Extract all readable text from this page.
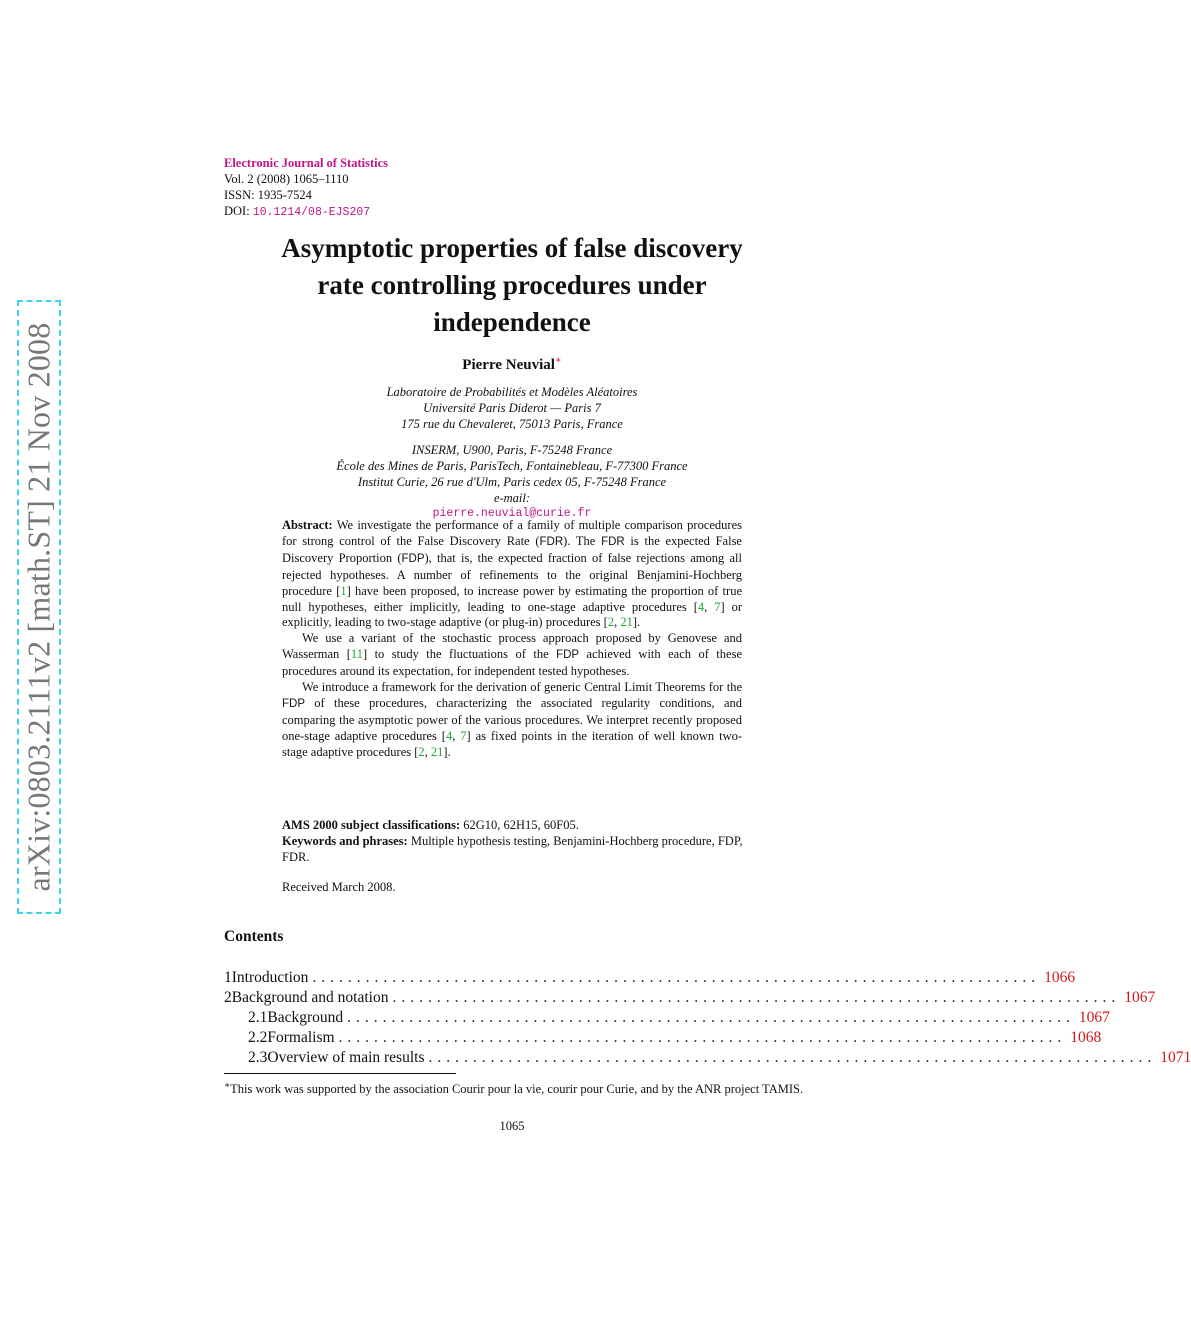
arXiv:0803.2111v2 [math.ST] 21 Nov 2008
Electronic Journal of Statistics
Vol. 2 (2008) 1065–1110
ISSN: 1935-7524
DOI: 10.1214/08-EJS207
Asymptotic properties of false discovery
rate controlling procedures under
independence
Pierre Neuvial∗
Laboratoire de Probabilités et Modèles Aléatoires
Université Paris Diderot — Paris 7
175 rue du Chevaleret, 75013 Paris, France
INSERM, U900, Paris, F-75248 France
École des Mines de Paris, ParisTech, Fontainebleau, F-77300 France
Institut Curie, 26 rue d'Ulm, Paris cedex 05, F-75248 France
e-mail:
pierre.neuvial@curie.fr

Abstract: We investigate the performance of a family of multiple comparison procedures for strong control of the False Discovery Rate (FDR). The FDR is the expected False Discovery Proportion (FDP), that is, the expected fraction of false rejections among all rejected hypotheses. A number of refinements to the original Benjamini-Hochberg procedure [1] have been proposed, to increase power by estimating the proportion of true null hypotheses, either implicitly, leading to one-stage adaptive procedures [4, 7] or explicitly, leading to two-stage adaptive (or plug-in) procedures [2, 21].

We use a variant of the stochastic process approach proposed by Genovese and Wasserman [11] to study the fluctuations of the FDP achieved with each of these procedures around its expectation, for independent tested hypotheses.

We introduce a framework for the derivation of generic Central Limit Theorems for the FDP of these procedures, characterizing the associated regularity conditions, and comparing the asymptotic power of the various procedures. We interpret recently proposed one-stage adaptive procedures [4, 7] as fixed points in the iteration of well known two-stage adaptive procedures [2, 21].

AMS 2000 subject classifications: 62G10, 62H15, 60F05.
Keywords and phrases: Multiple hypothesis testing, Benjamini-Hochberg procedure, FDP, FDR.
Received March 2008.
Contents
1 Introduction .................................................................................. 1066
2 Background and notation .................................................................................. 1067
2.1 Background .................................................................................. 1067
2.2 Formalism .................................................................................. 1068
2.3 Overview of main results .................................................................................. 1071
∗This work was supported by the association Courir pour la vie, courir pour Curie, and by the ANR project TAMIS.
1065
